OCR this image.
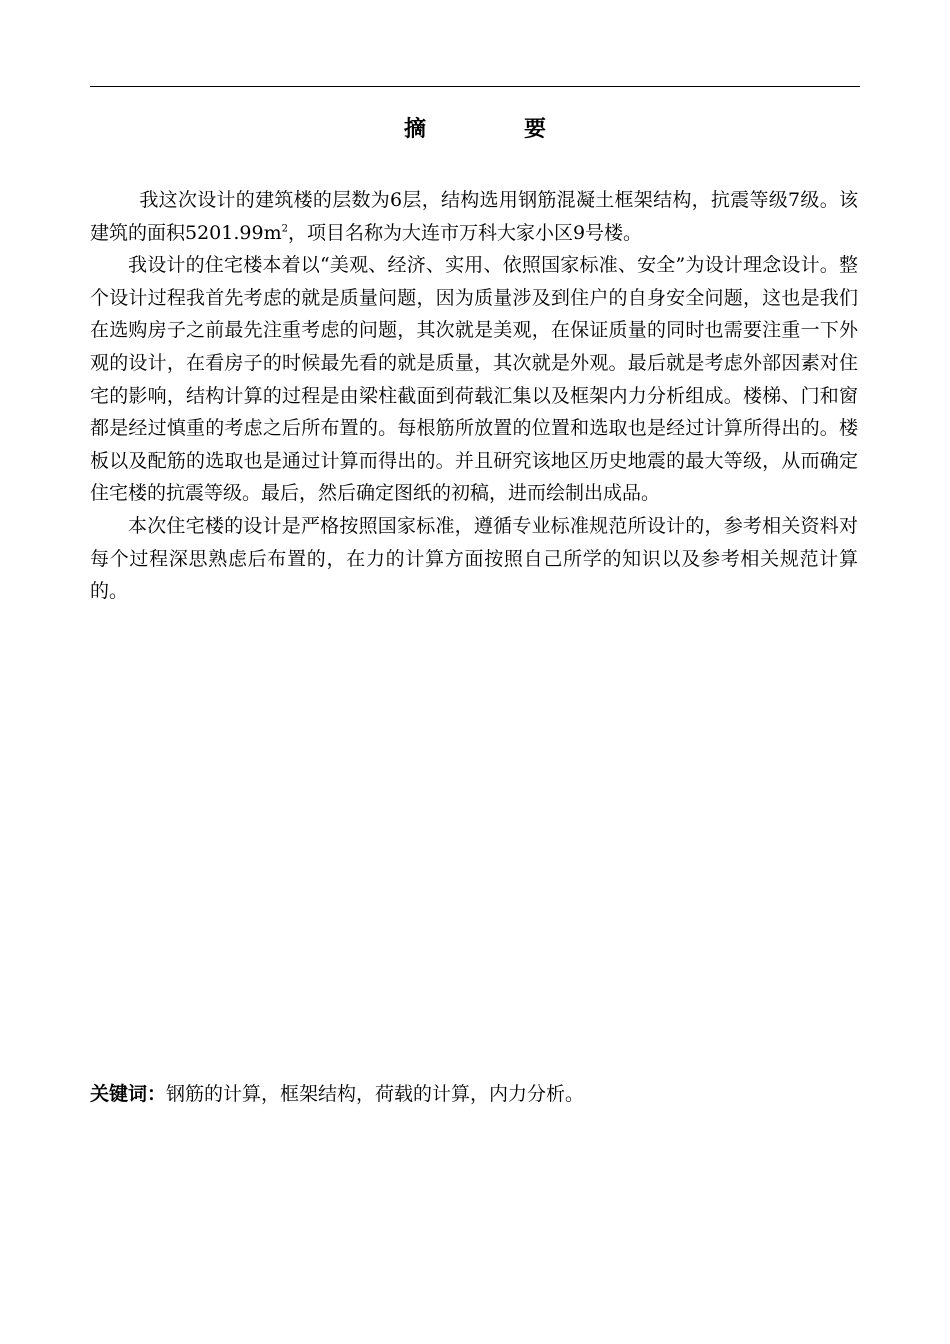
摘　要

我这次设计的建筑楼的层数为6层，结构选用钢筋混凝土框架结构，抗震等级7级。该建筑的面积$5201.99m^2$，项目名称为大连市万科大家小区9号楼。

我设计的住宅楼本着以“美观、经济、实用、依照国家标准、安全”为设计理念设计。整个设计过程我首先考虑的就是质量问题，因为质量涉及到住户的自身安全问题，这也是我们在选购房子之前最先注重考虑的问题，其次就是美观，在保证质量的同时也需要注重一下外观的设计，在看房子的时候最先看的就是质量，其次就是外观。最后就是考虑外部因素对住宅的影响，结构计算的过程是由梁柱截面到荷载汇集以及框架内力分析组成。楼梯、门和窗都是经过慎重的考虑之后所布置的。每根筋所放置的位置和选取也是经过计算所得出的。楼板以及配筋的选取也是通过计算而得出的。并且研究该地区历史地震的最大等级，从而确定住宅楼的抗震等级。最后，然后确定图纸的初稿，进而绘制出成品。

本次住宅楼的设计是严格按照国家标准，遵循专业标准规范所设计的，参考相关资料对每个过程深思熟虑后布置的，在力的计算方面按照自己所学的知识以及参考相关规范计算的。

关键词：钢筋的计算，框架结构，荷载的计算，内力分析。
